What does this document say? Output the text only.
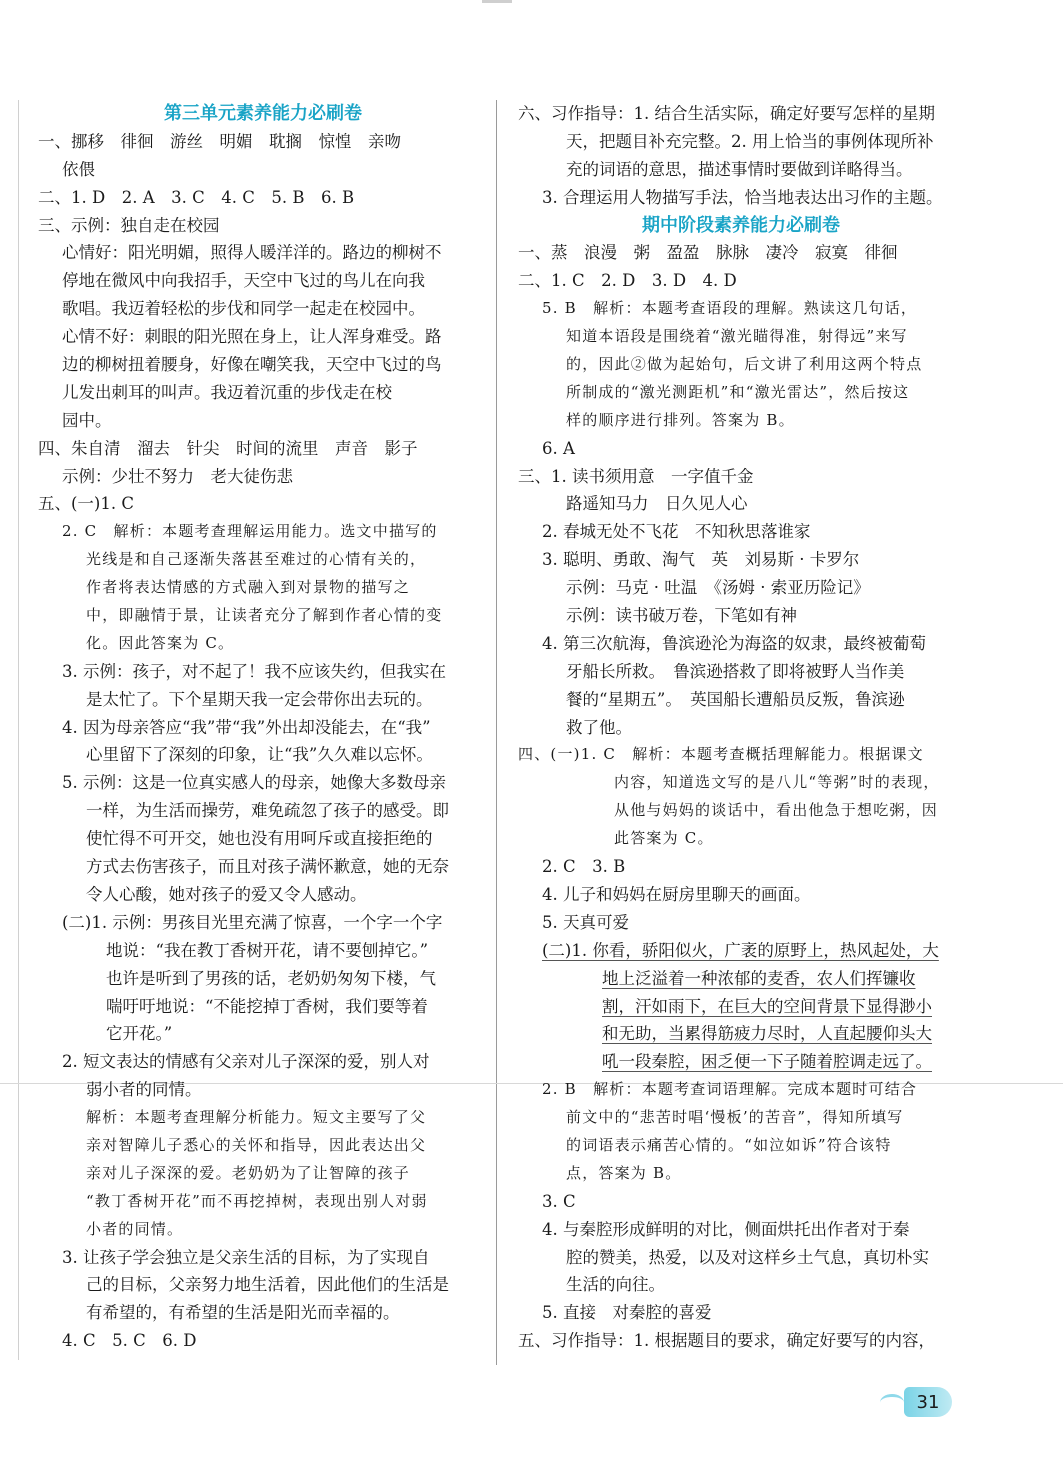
第三单元素养能力必刷卷
一、挪移　徘徊　游丝　明媚　耽搁　惊惶　亲吻
依偎
二、1. D　2. A　3. C　4. C　5. B　6. B
三、示例：独自走在校园
心情好：阳光明媚，照得人暖洋洋的。路边的柳树不
停地在微风中向我招手，天空中飞过的鸟儿在向我
歌唱。我迈着轻松的步伐和同学一起走在校园中。
心情不好：刺眼的阳光照在身上，让人浑身难受。路
边的柳树扭着腰身，好像在嘲笑我，天空中飞过的鸟
儿发出刺耳的叫声。我迈着沉重的步伐走在校
园中。
四、朱自清　溜去　针尖　时间的流里　声音　影子
示例：少壮不努力　老大徒伤悲
五、(一)1. C
2. C　解析：本题考查理解运用能力。选文中描写的
光线是和自己逐渐失落甚至难过的心情有关的，
作者将表达情感的方式融入到对景物的描写之
中，即融情于景，让读者充分了解到作者心情的变
化。因此答案为 C。
3. 示例：孩子，对不起了！我不应该失约，但我实在
是太忙了。下个星期天我一定会带你出去玩的。
4. 因为母亲答应“我”带“我”外出却没能去，在“我”
心里留下了深刻的印象，让“我”久久难以忘怀。
5. 示例：这是一位真实感人的母亲，她像大多数母亲
一样，为生活而操劳，难免疏忽了孩子的感受。即
使忙得不可开交，她也没有用呵斥或直接拒绝的
方式去伤害孩子，而且对孩子满怀歉意，她的无奈
令人心酸，她对孩子的爱又令人感动。
(二)1. 示例：男孩目光里充满了惊喜，一个字一个字
地说：“我在教丁香树开花，请不要刨掉它。”
也许是听到了男孩的话，老奶奶匆匆下楼，气
喘吁吁地说：“不能挖掉丁香树，我们要等着
它开花。”
2. 短文表达的情感有父亲对儿子深深的爱，别人对
弱小者的同情。
解析：本题考查理解分析能力。短文主要写了父
亲对智障儿子悉心的关怀和指导，因此表达出父
亲对儿子深深的爱。老奶奶为了让智障的孩子
“教丁香树开花”而不再挖掉树，表现出别人对弱
小者的同情。
3. 让孩子学会独立是父亲生活的目标，为了实现自
己的目标，父亲努力地生活着，因此他们的生活是
有希望的，有希望的生活是阳光而幸福的。
4. C　5. C　6. D
六、习作指导：1. 结合生活实际，确定好要写怎样的星期
天，把题目补充完整。2. 用上恰当的事例体现所补
充的词语的意思，描述事情时要做到详略得当。
3. 合理运用人物描写手法，恰当地表达出习作的主题。
期中阶段素养能力必刷卷
一、蒸　浪漫　粥　盈盈　脉脉　凄冷　寂寞　徘徊
二、1. C　2. D　3. D　4. D
5. B　解析：本题考查语段的理解。熟读这几句话，
知道本语段是围绕着“激光瞄得准，射得远”来写
的，因此②做为起始句，后文讲了利用这两个特点
所制成的“激光测距机”和“激光雷达”，然后按这
样的顺序进行排列。答案为 B。
6. A
三、1. 读书须用意　一字值千金
路遥知马力　日久见人心
2. 春城无处不飞花　不知秋思落谁家
3. 聪明、勇敢、淘气　英　刘易斯 · 卡罗尔
示例：马克 · 吐温　《汤姆 · 索亚历险记》
示例：读书破万卷，下笔如有神
4. 第三次航海，鲁滨逊沦为海盗的奴隶，最终被葡萄
牙船长所救。　鲁滨逊搭救了即将被野人当作美
餐的“星期五”。　英国船长遭船员反叛，鲁滨逊
救了他。
四、(一)1. C　解析：本题考查概括理解能力。根据课文
内容，知道选文写的是八儿“等粥”时的表现，
从他与妈妈的谈话中，看出他急于想吃粥，因
此答案为 C。
2. C　3. B
4. 儿子和妈妈在厨房里聊天的画面。
5. 天真可爱
(二)1. 你看，骄阳似火，广袤的原野上，热风起处，大
地上泛溢着一种浓郁的麦香，农人们挥镰收
割，汗如雨下，在巨大的空间背景下显得渺小
和无助，当累得筋疲力尽时，人直起腰仰头大
吼一段秦腔，困乏便一下子随着腔调走远了。
2. B　解析：本题考查词语理解。完成本题时可结合
前文中的“悲苦时唱‘慢板’的苦音”，得知所填写
的词语表示痛苦心情的。“如泣如诉”符合该特
点，答案为 B。
3. C
4. 与秦腔形成鲜明的对比，侧面烘托出作者对于秦
腔的赞美，热爱，以及对这样乡土气息，真切朴实
生活的向往。
5. 直接　对秦腔的喜爱
五、习作指导：1. 根据题目的要求，确定好要写的内容，
31
